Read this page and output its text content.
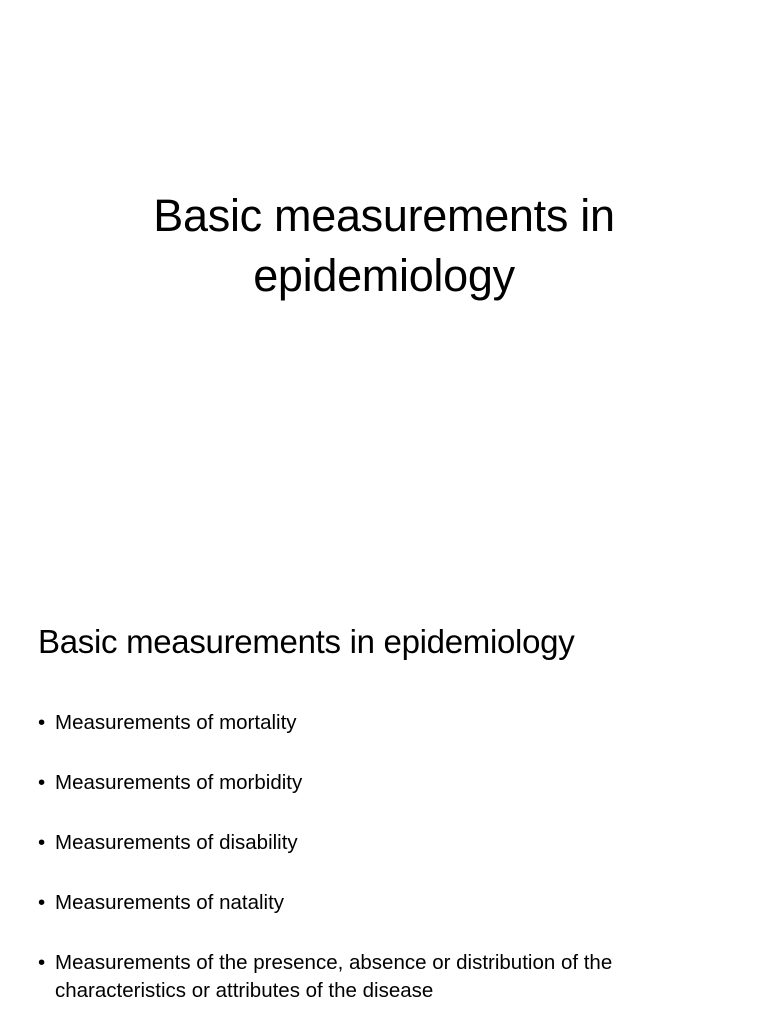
Basic measurements in
epidemiology
Basic measurements in epidemiology
• Measurements of mortality
• Measurements of morbidity
• Measurements of disability
• Measurements of natality
• Measurements of the presence, absence or distribution of the characteristics or attributes of the disease
